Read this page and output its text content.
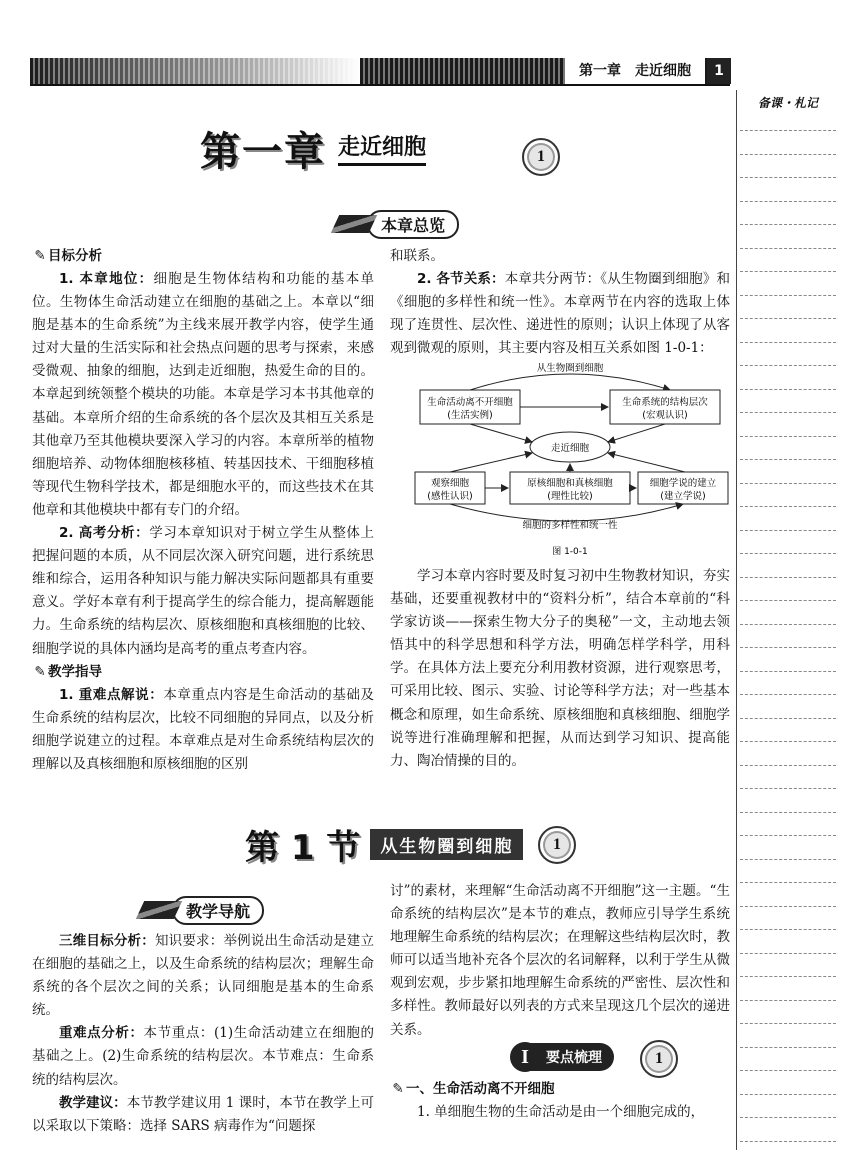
第一章　走近细胞	1
备课・札记
第一章 走近细胞	1
本章总览
✎ 目标分析

1. 本章地位：细胞是生物体结构和功能的基本单位。生物体生命活动建立在细胞的基础之上。本章以“细胞是基本的生命系统”为主线来展开教学内容，使学生通过对大量的生活实际和社会热点问题的思考与探索，来感受微观、抽象的细胞，达到走近细胞，热爱生命的目的。本章起到统领整个模块的功能。本章是学习本书其他章的基础。本章所介绍的生命系统的各个层次及其相互关系是其他章乃至其他模块要深入学习的内容。本章所举的植物细胞培养、动物体细胞核移植、转基因技术、干细胞移植等现代生物科学技术，都是细胞水平的，而这些技术在其他章和其他模块中都有专门的介绍。

2. 高考分析：学习本章知识对于树立学生从整体上把握问题的本质，从不同层次深入研究问题，进行系统思维和综合，运用各种知识与能力解决实际问题都具有重要意义。学好本章有利于提高学生的综合能力，提高解题能力。生命系统的结构层次、原核细胞和真核细胞的比较、细胞学说的具体内涵均是高考的重点考查内容。

✎ 教学指导

1. 重难点解说：本章重点内容是生命活动的基础及生命系统的结构层次，比较不同细胞的异同点，以及分析细胞学说建立的过程。本章难点是对生命系统结构层次的理解以及真核细胞和原核细胞的区别

和联系。

2. 各节关系：本章共分两节：《从生物圈到细胞》和《细胞的多样性和统一性》。本章两节在内容的选取上体现了连贯性、层次性、递进性的原则；认识上体现了从客观到微观的原则，其主要内容及相互关系如图 1-0-1：

从生物圈到细胞
生命活动离不开细胞
(生活实例)
生命系统的结构层次
(宏观认识)
走近细胞
观察细胞
(感性认识)
原核细胞和真核细胞
(理性比较)
细胞学说的建立
(建立学说)
细胞的多样性和统一性
图 1-0-1

学习本章内容时要及时复习初中生物教材知识，夯实基础，还要重视教材中的“资料分析”，结合本章前的“科学家访谈——探索生物大分子的奥秘”一文，主动地去领悟其中的科学思想和科学方法，明确怎样学科学，用科学。在具体方法上要充分利用教材资源，进行观察思考，可采用比较、图示、实验、讨论等科学方法；对一些基本概念和原理，如生命系统、原核细胞和真核细胞、细胞学说等进行准确理解和把握，从而达到学习知识、提高能力、陶冶情操的目的。

第 1 节	从生物圈到细胞	1
教学导航

三维目标分析：知识要求：举例说出生命活动是建立在细胞的基础之上，以及生命系统的结构层次；理解生命系统的各个层次之间的关系；认同细胞是基本的生命系统。

重难点分析：本节重点：(1)生命活动建立在细胞的基础之上。(2)生命系统的结构层次。本节难点：生命系统的结构层次。

教学建议：本节教学建议用 1 课时，本节在教学上可以采取以下策略：选择 SARS 病毒作为“问题探

讨”的素材，来理解“生命活动离不开细胞”这一主题。“生命系统的结构层次”是本节的难点，教师应引导学生系统地理解生命系统的结构层次；在理解这些结构层次时，教师可以适当地补充各个层次的名词解释，以利于学生从微观到宏观，步步紧扣地理解生命系统的严密性、层次性和多样性。教师最好以列表的方式来呈现这几个层次的递进关系。

I	要点梳理	1
✎ 一、生命活动离不开细胞

1. 单细胞生物的生命活动是由一个细胞完成的，
